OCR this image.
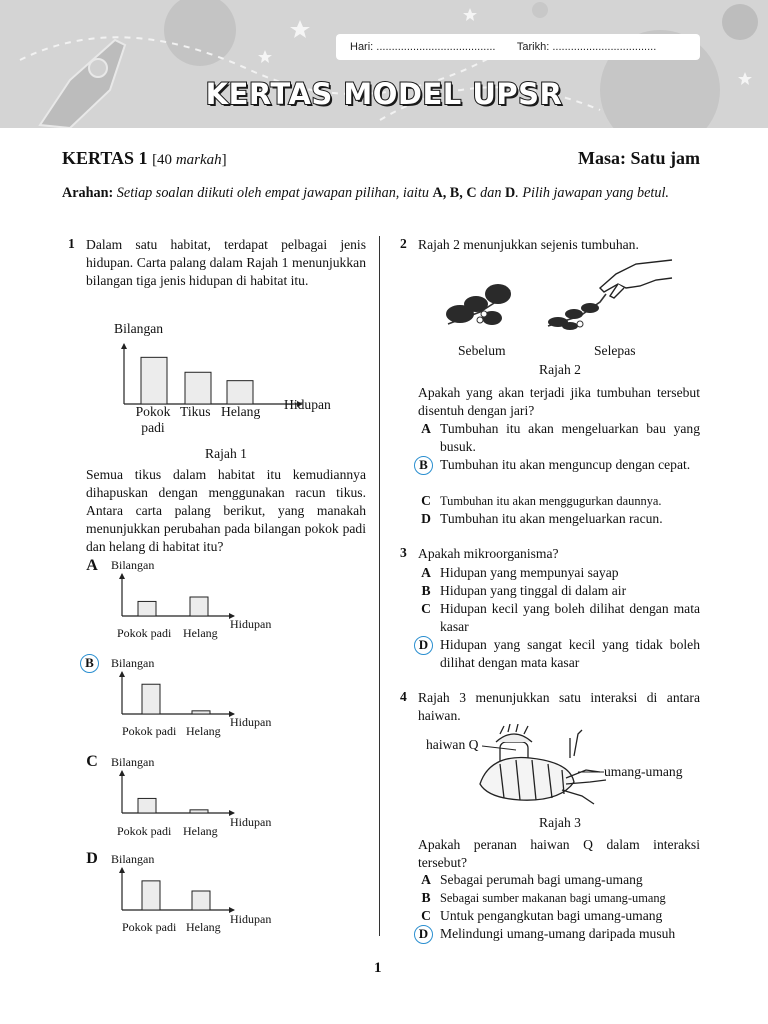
Hari:
.......................................
Tarikh:
..................................
KERTAS MODEL UPSR
KERTAS 1 [40 markah]	Masa: Satu jam
Arahan: Setiap soalan diikuti oleh empat jawapan pilihan, iaitu A, B, C dan D. Pilih jawapan yang betul.
1 Dalam satu habitat, terdapat pelbagai jenis hidupan. Carta palang dalam Rajah 1 menunjukkan bilangan tiga jenis hidupan di habitat itu.
Bilangan
Hidupan
Pokok
padi
Tikus Helang
Rajah 1
Semua tikus dalam habitat itu kemudiannya dihapuskan dengan menggunakan racun tikus. Antara carta palang berikut, yang manakah menunjukkan perubahan pada bilangan pokok padi dan helang di habitat itu?
A	Bilangan
Hidupan
Pokok padi Helang
B	Bilangan
Hidupan
Pokok padi Helang
C	Bilangan
Hidupan
Pokok padi Helang
D	Bilangan
Hidupan
Pokok padi Helang
2 Rajah 2 menunjukkan sejenis tumbuhan.
Sebelum	Selepas
Rajah 2
Apakah yang akan terjadi jika tumbuhan tersebut disentuh dengan jari?
A Tumbuhan itu akan mengeluarkan bau yang busuk.
B Tumbuhan itu akan menguncup dengan cepat.
C Tumbuhan itu akan menggugurkan daunnya.
D Tumbuhan itu akan mengeluarkan racun.
3 Apakah mikroorganisma?
A Hidupan yang mempunyai sayap
B Hidupan yang tinggal di dalam air
C Hidupan kecil yang boleh dilihat dengan mata kasar
D Hidupan yang sangat kecil yang tidak boleh dilihat dengan mata kasar
4 Rajah 3 menunjukkan satu interaksi di antara haiwan.
haiwan Q
umang-umang
Rajah 3
Apakah peranan haiwan Q dalam interaksi tersebut?
A Sebagai perumah bagi umang-umang
B Sebagai sumber makanan bagi umang-umang
C Untuk pengangkutan bagi umang-umang
D Melindungi umang-umang daripada musuh
1
